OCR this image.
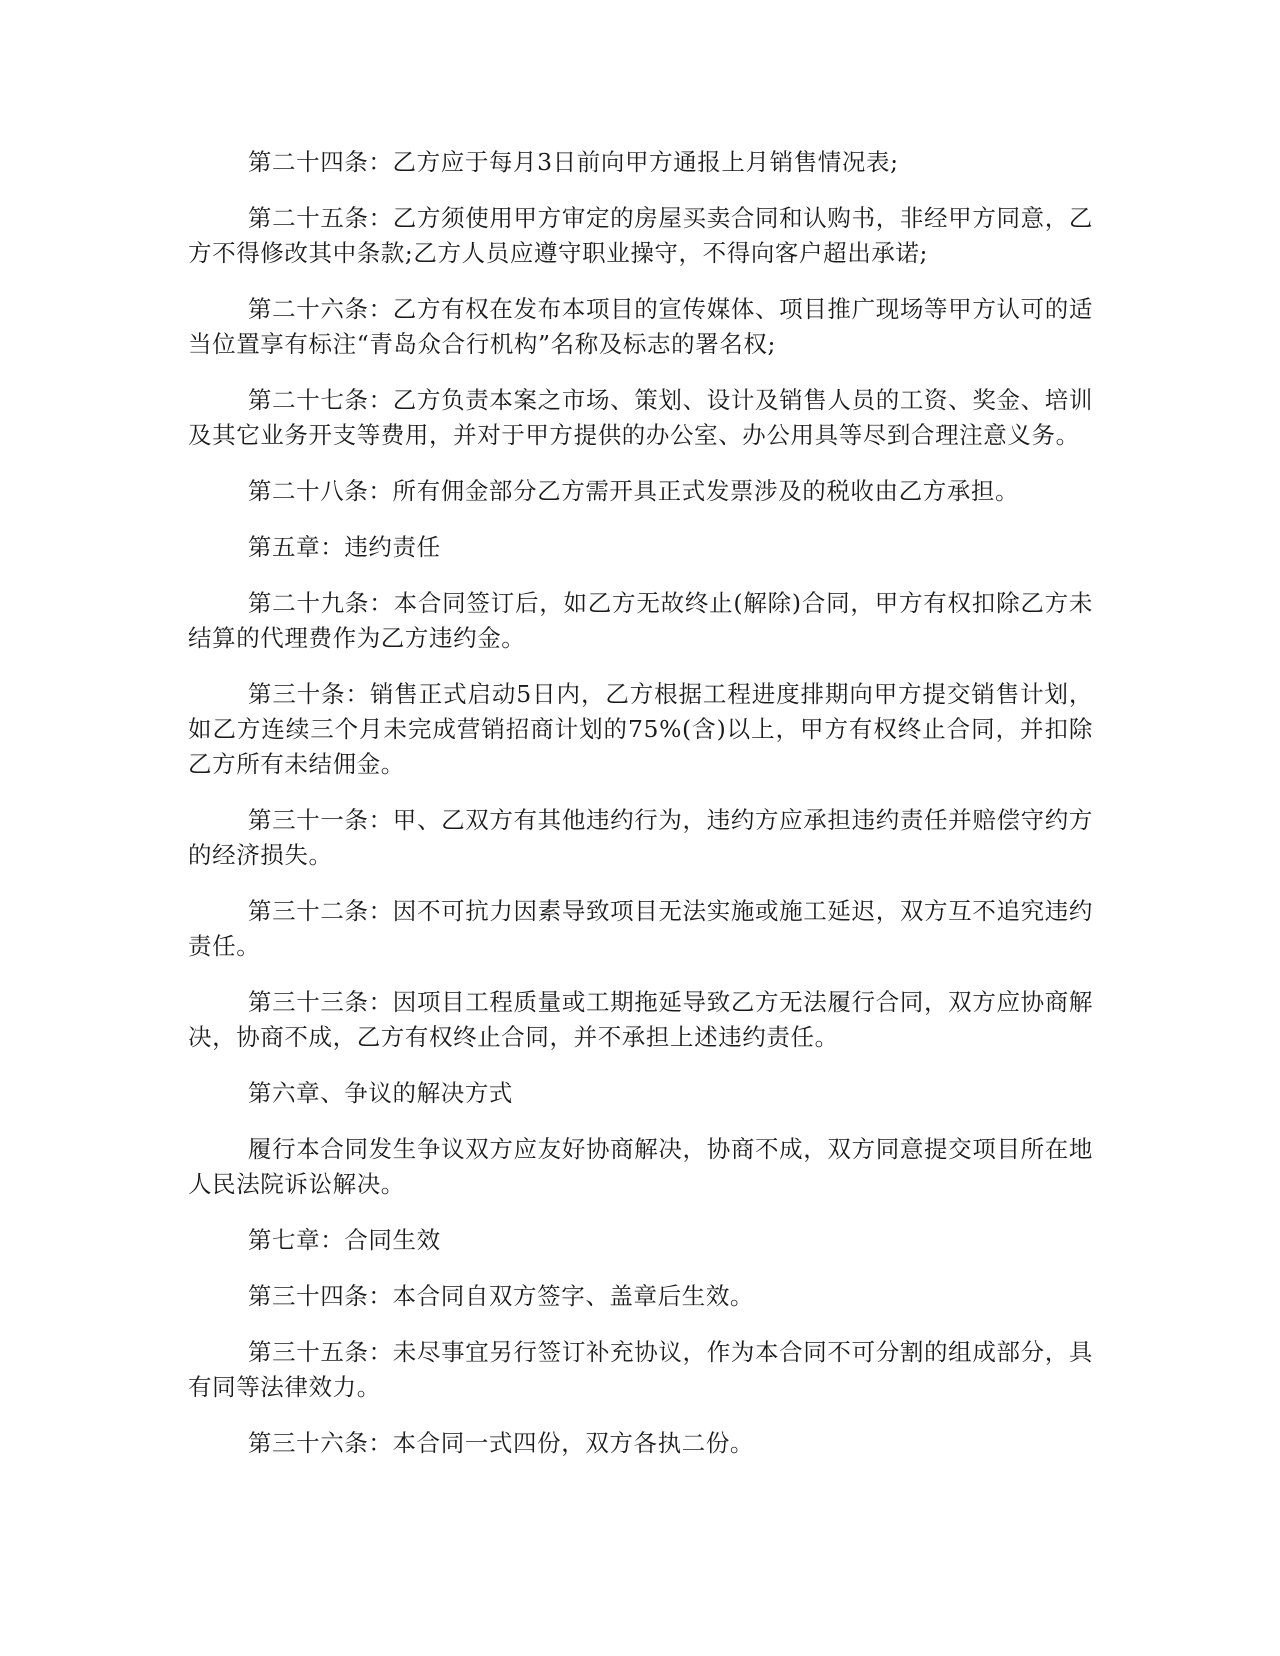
第二十四条：乙方应于每月3日前向甲方通报上月销售情况表;

第二十五条：乙方须使用甲方审定的房屋买卖合同和认购书，非经甲方同意，乙方不得修改其中条款;乙方人员应遵守职业操守，不得向客户超出承诺;

第二十六条：乙方有权在发布本项目的宣传媒体、项目推广现场等甲方认可的适当位置享有标注“青岛众合行机构”名称及标志的署名权;

第二十七条：乙方负责本案之市场、策划、设计及销售人员的工资、奖金、培训及其它业务开支等费用，并对于甲方提供的办公室、办公用具等尽到合理注意义务。

第二十八条：所有佣金部分乙方需开具正式发票涉及的税收由乙方承担。

第五章：违约责任

第二十九条：本合同签订后，如乙方无故终止(解除)合同，甲方有权扣除乙方未结算的代理费作为乙方违约金。

第三十条：销售正式启动5日内，乙方根据工程进度排期向甲方提交销售计划，如乙方连续三个月未完成营销招商计划的75%(含)以上，甲方有权终止合同，并扣除乙方所有未结佣金。

第三十一条：甲、乙双方有其他违约行为，违约方应承担违约责任并赔偿守约方的经济损失。

第三十二条：因不可抗力因素导致项目无法实施或施工延迟，双方互不追究违约责任。

第三十三条：因项目工程质量或工期拖延导致乙方无法履行合同，双方应协商解决，协商不成，乙方有权终止合同，并不承担上述违约责任。

第六章、争议的解决方式

履行本合同发生争议双方应友好协商解决，协商不成，双方同意提交项目所在地人民法院诉讼解决。

第七章：合同生效

第三十四条：本合同自双方签字、盖章后生效。

第三十五条：未尽事宜另行签订补充协议，作为本合同不可分割的组成部分，具有同等法律效力。

第三十六条：本合同一式四份，双方各执二份。
